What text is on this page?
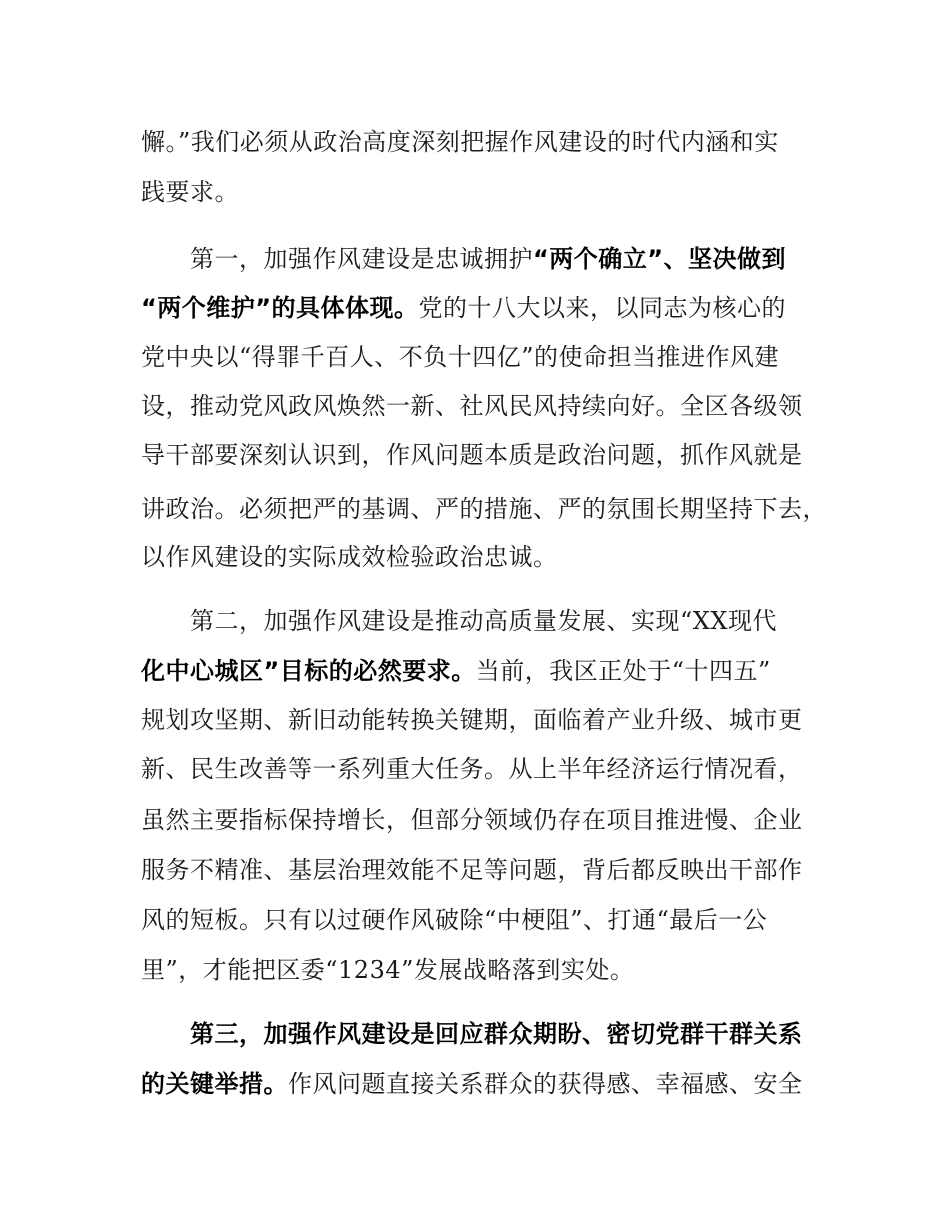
懈。”我们必须从政治高度深刻把握作风建设的时代内涵和实
践要求。
第一，加强作风建设是忠诚拥护“两个确立”、坚决做到
“两个维护”的具体体现。党的十八大以来，以同志为核心的
党中央以“得罪千百人、不负十四亿”的使命担当推进作风建
设，推动党风政风焕然一新、社风民风持续向好。全区各级领
导干部要深刻认识到，作风问题本质是政治问题，抓作风就是
讲政治。必须把严的基调、严的措施、严的氛围长期坚持下去，
以作风建设的实际成效检验政治忠诚。
第二，加强作风建设是推动高质量发展、实现“XX现代
化中心城区”目标的必然要求。当前，我区正处于“十四五”
规划攻坚期、新旧动能转换关键期，面临着产业升级、城市更
新、民生改善等一系列重大任务。从上半年经济运行情况看，
虽然主要指标保持增长，但部分领域仍存在项目推进慢、企业
服务不精准、基层治理效能不足等问题，背后都反映出干部作
风的短板。只有以过硬作风破除“中梗阻”、打通“最后一公
里”，才能把区委“1234”发展战略落到实处。
第三，加强作风建设是回应群众期盼、密切党群干群关系
的关键举措。作风问题直接关系群众的获得感、幸福感、安全
